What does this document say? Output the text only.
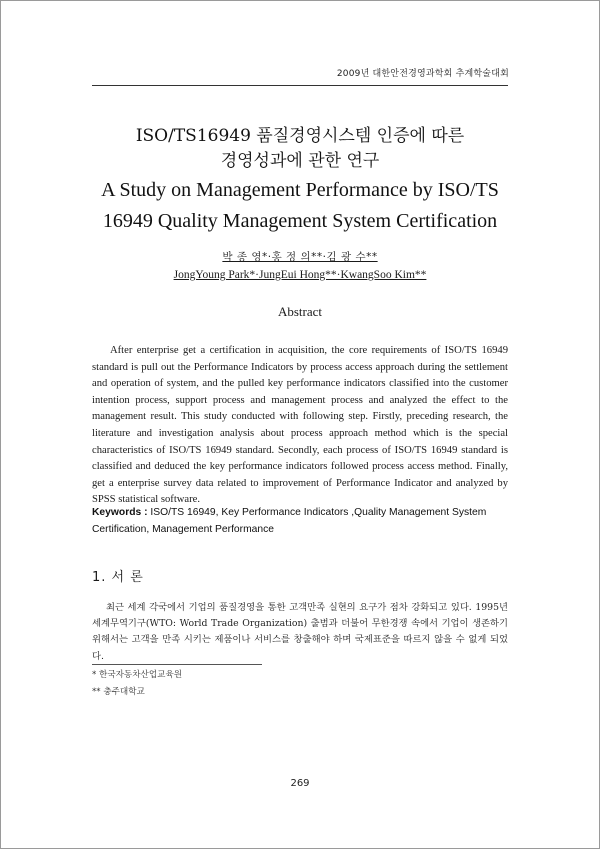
2009년 대한안전경영과학회 추계학술대회
ISO/TS16949 품질경영시스템 인증에 따른
경영성과에 관한 연구
A Study on Management Performance by ISO/TS
16949 Quality Management System Certification
박 종 영*·홍 정 의**·김 광 수**
JongYoung Park*·JungEui Hong**·KwangSoo Kim**
Abstract
After enterprise get a certification in acquisition, the core requirements of ISO/TS 16949 standard is pull out the Performance Indicators by process access approach during the settlement and operation of system, and the pulled key performance indicators classified into the customer intention process, support process and management process and analyzed the effect to the management result. This study conducted with following step. Firstly, preceding research, the literature and investigation analysis about process approach method which is the special characteristics of ISO/TS 16949 standard. Secondly, each process of ISO/TS 16949 standard is classified and deduced the key performance indicators followed process access method. Finally, get a enterprise survey data related to improvement of Performance Indicator and analyzed by SPSS statistical software.
Keywords : ISO/TS 16949, Key Performance Indicators ,Quality Management System Certification, Management Performance
1. 서 론
최근 세계 각국에서 기업의 품질경영을 통한 고객만족 실현의 요구가 점차 강화되고 있다. 1995년 세계무역기구(WTO: World Trade Organization) 출범과 더불어 무한경쟁 속에서 기업이 생존하기 위해서는 고객을 만족 시키는 제품이나 서비스를 창출해야 하며 국제표준을 따르지 않을 수 없게 되었다.
* 한국자동차산업교육원
** 충주대학교
269
